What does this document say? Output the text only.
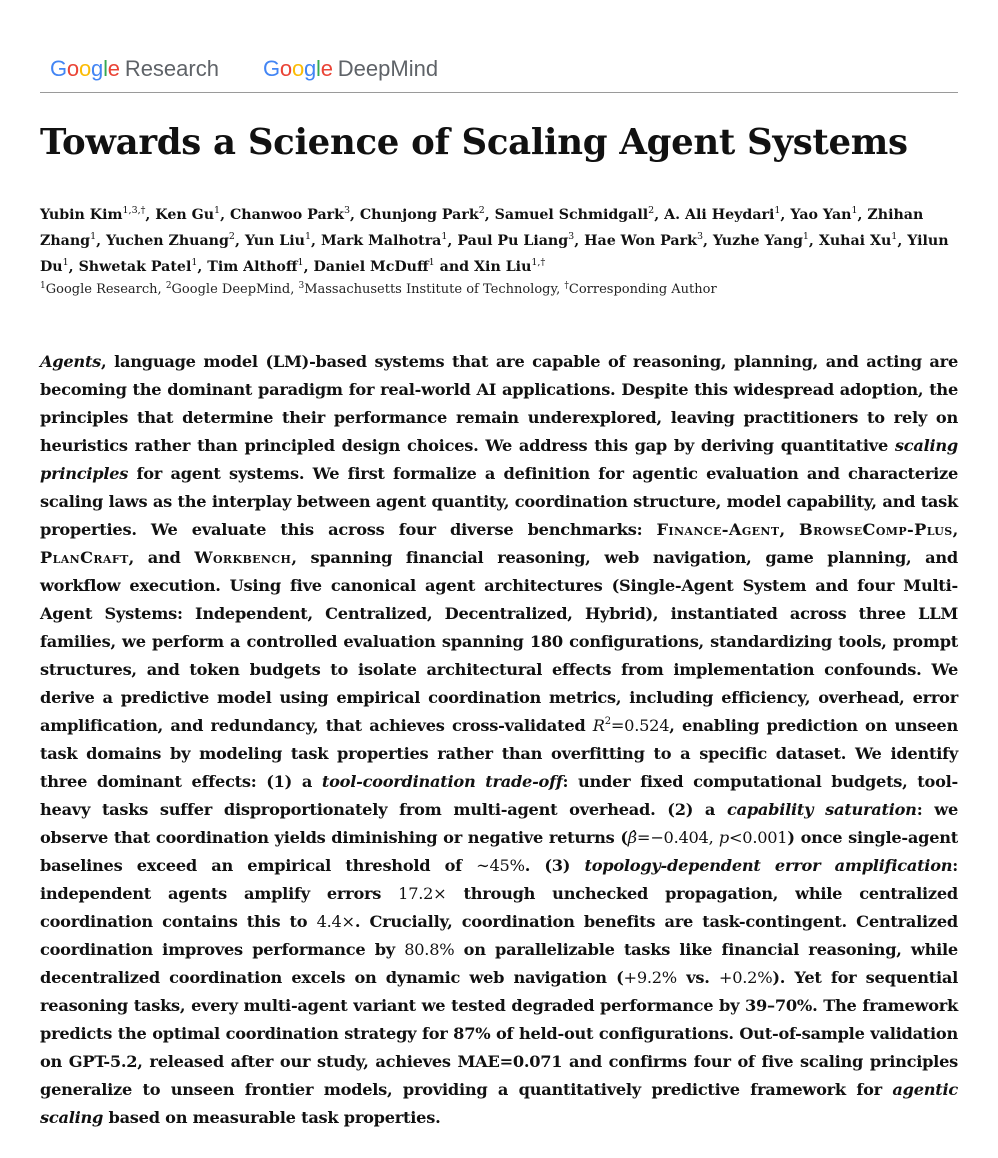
Google Research Google DeepMind
Towards a Science of Scaling Agent Systems
Yubin Kim$^{1,3,\dagger}$, Ken Gu$^1$, Chanwoo Park$^3$, Chunjong Park$^2$, Samuel Schmidgall$^2$, A. Ali Heydari$^1$, Yao Yan$^1$, Zhihan Zhang$^1$, Yuchen Zhuang$^2$, Yun Liu$^1$, Mark Malhotra$^1$, Paul Pu Liang$^3$, Hae Won Park$^3$, Yuzhe Yang$^1$, Xuhai Xu$^1$, Yilun Du$^1$, Shwetak Patel$^1$, Tim Althoff$^1$, Daniel McDuff$^1$ and Xin Liu$^{1,\dagger}$
$^1$Google Research, $^2$Google DeepMind, $^3$Massachusetts Institute of Technology, †Corresponding Author

Agents, language model (LM)-based systems that are capable of reasoning, planning, and acting are becoming the dominant paradigm for real-world AI applications. Despite this widespread adoption, the principles that determine their performance remain underexplored, leaving practitioners to rely on heuristics rather than principled design choices. We address this gap by deriving quantitative scaling principles for agent systems. We first formalize a definition for agentic evaluation and characterize scaling laws as the interplay between agent quantity, coordination structure, model capability, and task properties. We evaluate this across four diverse benchmarks: Finance-Agent, BrowseComp-Plus, PlanCraft, and Workbench, spanning financial reasoning, web navigation, game planning, and workflow execution. Using five canonical agent architectures (Single-Agent System and four Multi-Agent Systems: Independent, Centralized, Decentralized, Hybrid), instantiated across three LLM families, we perform a controlled evaluation spanning 180 configurations, standardizing tools, prompt structures, and token budgets to isolate architectural effects from implementation confounds. We derive a predictive model using empirical coordination metrics, including efficiency, overhead, error amplification, and redundancy, that achieves cross-validated $R^2=0.524$, enabling prediction on unseen task domains by modeling task properties rather than overfitting to a specific dataset. We identify three dominant effects: (1) a tool-coordination trade-off: under fixed computational budgets, tool-heavy tasks suffer disproportionately from multi-agent overhead. (2) a capability saturation: we observe that coordination yields diminishing or negative returns (β̂=−0.404, p<0.001) once single-agent baselines exceed an empirical threshold of ∼45%. (3) topology-dependent error amplification: independent agents amplify errors 17.2× through unchecked propagation, while centralized coordination contains this to 4.4×. Crucially, coordination benefits are task-contingent. Centralized coordination improves performance by 80.8% on parallelizable tasks like financial reasoning, while decentralized coordination excels on dynamic web navigation (+9.2% vs. +0.2%). Yet for sequential reasoning tasks, every multi-agent variant we tested degraded performance by 39–70%. The framework predicts the optimal coordination strategy for 87% of held-out configurations. Out-of-sample validation on GPT-5.2, released after our study, achieves MAE=0.071 and confirms four of five scaling principles generalize to unseen frontier models, providing a quantitatively predictive framework for agentic scaling based on measurable task properties.
